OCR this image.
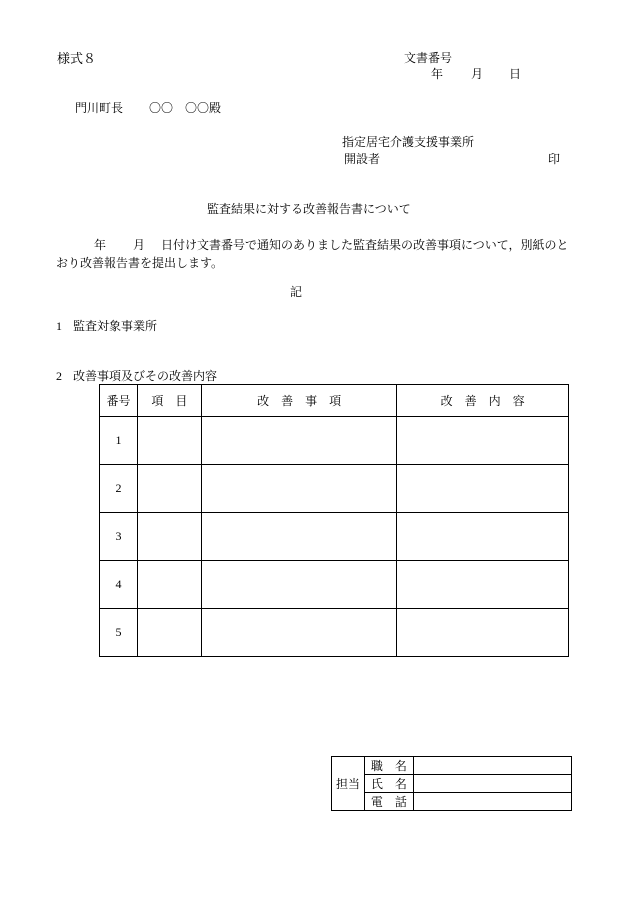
様式８	文書番号
年 月 日
門川町長 〇〇　〇〇殿
指定居宅介護支援事業所
開設者	印
監査結果に対する改善報告書について
年 月 日付け文書番号で通知のありました監査結果の改善事項について，別紙のとおり改善報告書を提出します。
記
1 監査対象事業所
2 改善事項及びその改善内容
番号	項　目	改　善　事　項	改　善　内　容
1			
2			
3			
4			
5			
担当	職　名	
	氏　名	
	電　話	
